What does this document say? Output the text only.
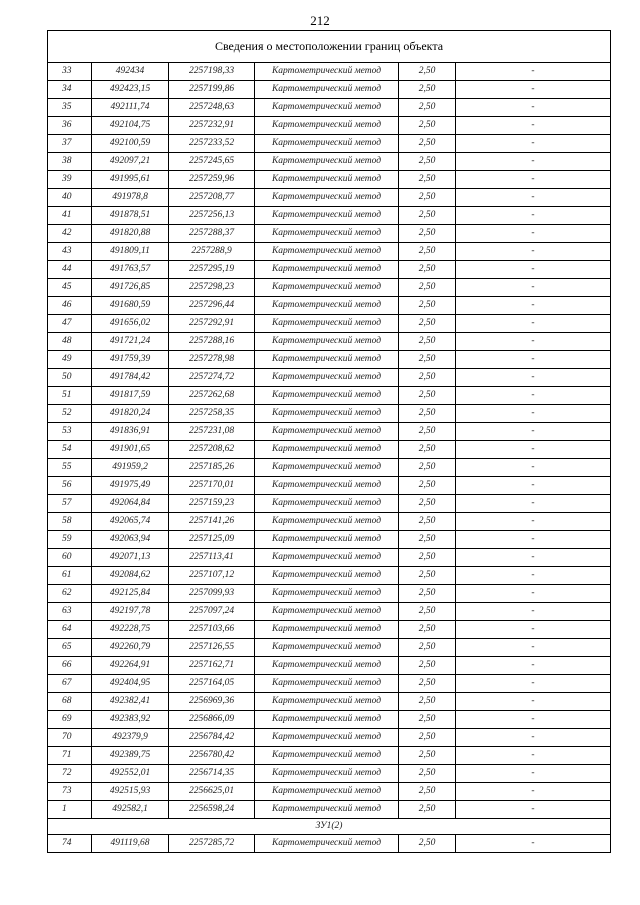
212
Сведения о местоположении границ объекта					
33	492434	2257198,33	Картометрический метод	2,50	-
34	492423,15	2257199,86	Картометрический метод	2,50	-
35	492111,74	2257248,63	Картометрический метод	2,50	-
36	492104,75	2257232,91	Картометрический метод	2,50	-
37	492100,59	2257233,52	Картометрический метод	2,50	-
38	492097,21	2257245,65	Картометрический метод	2,50	-
39	491995,61	2257259,96	Картометрический метод	2,50	-
40	491978,8	2257208,77	Картометрический метод	2,50	-
41	491878,51	2257256,13	Картометрический метод	2,50	-
42	491820,88	2257288,37	Картометрический метод	2,50	-
43	491809,11	2257288,9	Картометрический метод	2,50	-
44	491763,57	2257295,19	Картометрический метод	2,50	-
45	491726,85	2257298,23	Картометрический метод	2,50	-
46	491680,59	2257296,44	Картометрический метод	2,50	-
47	491656,02	2257292,91	Картометрический метод	2,50	-
48	491721,24	2257288,16	Картометрический метод	2,50	-
49	491759,39	2257278,98	Картометрический метод	2,50	-
50	491784,42	2257274,72	Картометрический метод	2,50	-
51	491817,59	2257262,68	Картометрический метод	2,50	-
52	491820,24	2257258,35	Картометрический метод	2,50	-
53	491836,91	2257231,08	Картометрический метод	2,50	-
54	491901,65	2257208,62	Картометрический метод	2,50	-
55	491959,2	2257185,26	Картометрический метод	2,50	-
56	491975,49	2257170,01	Картометрический метод	2,50	-
57	492064,84	2257159,23	Картометрический метод	2,50	-
58	492065,74	2257141,26	Картометрический метод	2,50	-
59	492063,94	2257125,09	Картометрический метод	2,50	-
60	492071,13	2257113,41	Картометрический метод	2,50	-
61	492084,62	2257107,12	Картометрический метод	2,50	-
62	492125,84	2257099,93	Картометрический метод	2,50	-
63	492197,78	2257097,24	Картометрический метод	2,50	-
64	492228,75	2257103,66	Картометрический метод	2,50	-
65	492260,79	2257126,55	Картометрический метод	2,50	-
66	492264,91	2257162,71	Картометрический метод	2,50	-
67	492404,95	2257164,05	Картометрический метод	2,50	-
68	492382,41	2256969,36	Картометрический метод	2,50	-
69	492383,92	2256866,09	Картометрический метод	2,50	-
70	492379,9	2256784,42	Картометрический метод	2,50	-
71	492389,75	2256780,42	Картометрический метод	2,50	-
72	492552,01	2256714,35	Картометрический метод	2,50	-
73	492515,93	2256625,01	Картометрический метод	2,50	-
1	492582,1	2256598,24	Картометрический метод	2,50	-
ЗУ1(2)					
74	491119,68	2257285,72	Картометрический метод	2,50	-
